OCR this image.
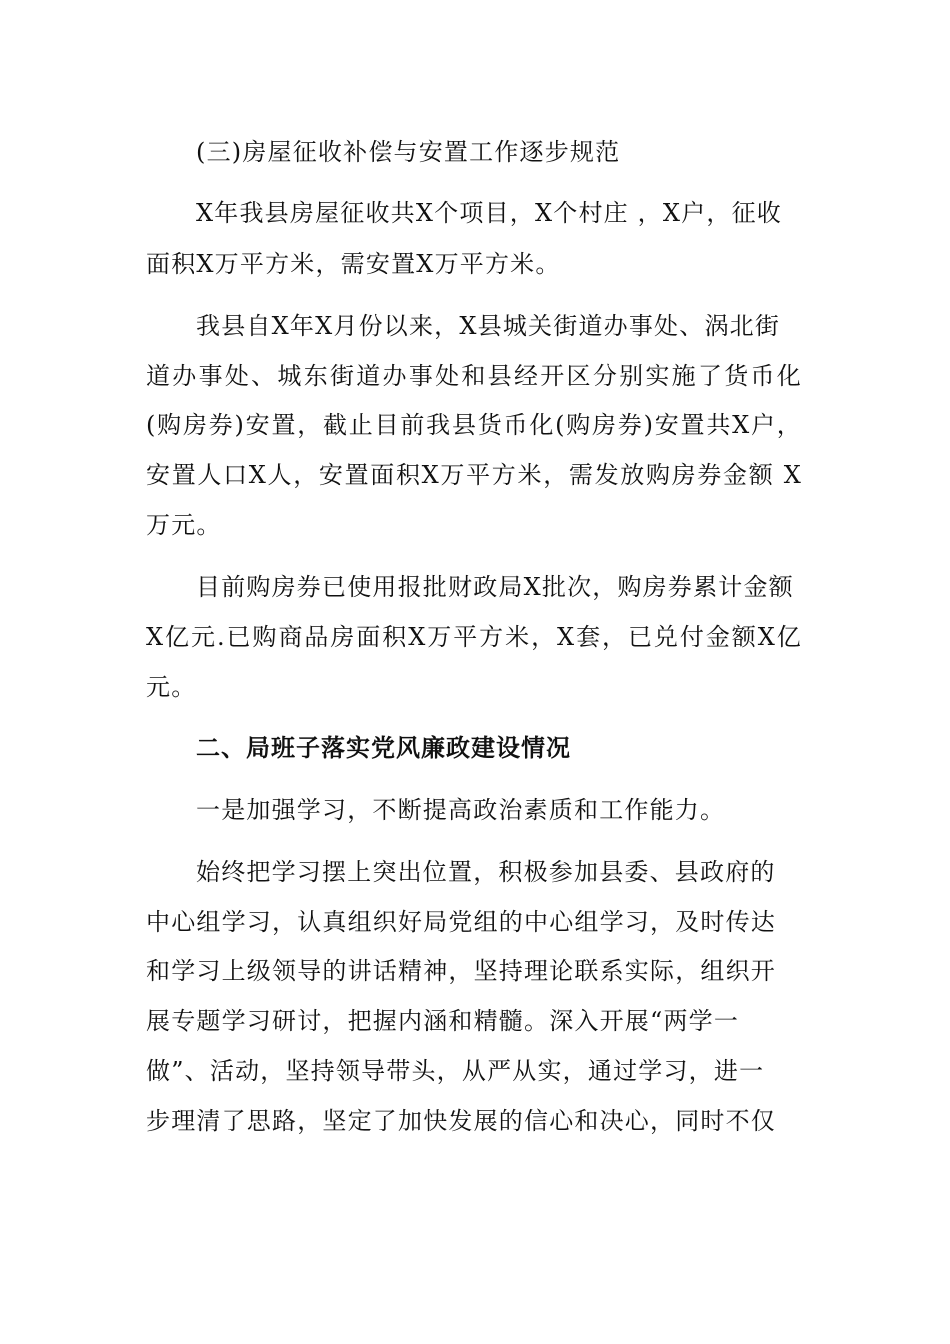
(三)房屋征收补偿与安置工作逐步规范
X年我县房屋征收共X个项目，X个村庄 ，X户，征收
面积X万平方米，需安置X万平方米。
我县自X年X月份以来，X县城关街道办事处、涡北街
道办事处、城东街道办事处和县经开区分别实施了货币化
(购房券)安置，截止目前我县货币化(购房券)安置共X户，
安置人口X人，安置面积X万平方米，需发放购房券金额 X
万元。
目前购房券已使用报批财政局X批次，购房券累计金额
X亿元.已购商品房面积X万平方米，X套，已兑付金额X亿
元。
二、局班子落实党风廉政建设情况
一是加强学习，不断提高政治素质和工作能力。
始终把学习摆上突出位置，积极参加县委、县政府的
中心组学习，认真组织好局党组的中心组学习，及时传达
和学习上级领导的讲话精神，坚持理论联系实际，组织开
展专题学习研讨，把握内涵和精髓。深入开展“两学一
做”、活动，坚持领导带头，从严从实，通过学习，进一
步理清了思路，坚定了加快发展的信心和决心，同时不仅
